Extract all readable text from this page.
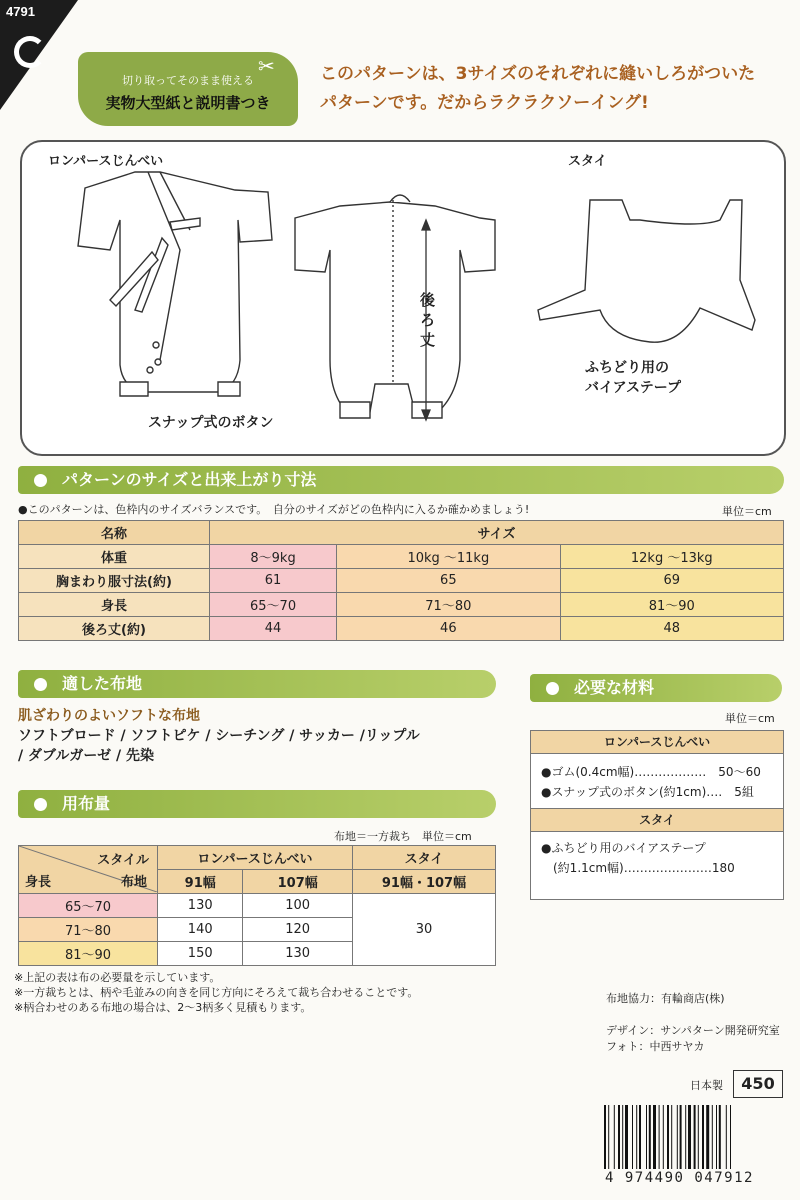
4791
切り取ってそのまま使える
実物大型紙と説明書つき
✂	このパターンは、3サイズのそれぞれに縫いしろがついた
パターンです。だからラクラクソーイング!
ロンパースじんべい	スタイ
後ろ丈
スナップ式のボタン
ふちどり用の
バイアステープ
パターンのサイズと出来上がり寸法
●このパターンは、色枠内のサイズバランスです。　自分のサイズがどの色枠内に入るか確かめましょう!	単位＝cm
名称	サイズ		
体重	8〜9kg	10kg 〜11kg	12kg 〜13kg
胸まわり服寸法(約)	61	65	69
身長	65〜70	71〜80	81〜90
後ろ丈(約)	44	46	48
適した布地
肌ざわりのよいソフトな布地
ソフトブロード / ソフトピケ / シーチング / サッカー /リップル
/ ダブルガーゼ / 先染
必要な材料
単位＝cm
ロンパースじんべい
●ゴム(0.4cm幅)‥‥‥‥‥‥‥‥‥　50〜60
●スナップ式のボタン(約1cm)‥‥　5組
スタイ
●ふちどり用のバイアステープ
　(約1.1cm幅)‥‥‥‥‥‥‥‥‥‥‥180
用布量
布地＝一方裁ち　単位＝cm
スタイル
身長 布地	ロンパースじんべい		スタイ
	91幅	107幅	91幅・107幅
65〜70	130	100	30
71〜80	140	120	
81〜90	150	130	
※上記の表は布の必要量を示しています。
※一方裁ちとは、柄や毛並みの向きを同じ方向にそろえて裁ち合わせることです。
※柄合わせのある布地の場合は、2〜3柄多く見積もります。
布地協力：有輪商店(株)
デザイン：サンパターン開発研究室
フォト：中西サヤカ
日本製	450
4 974490 047912
